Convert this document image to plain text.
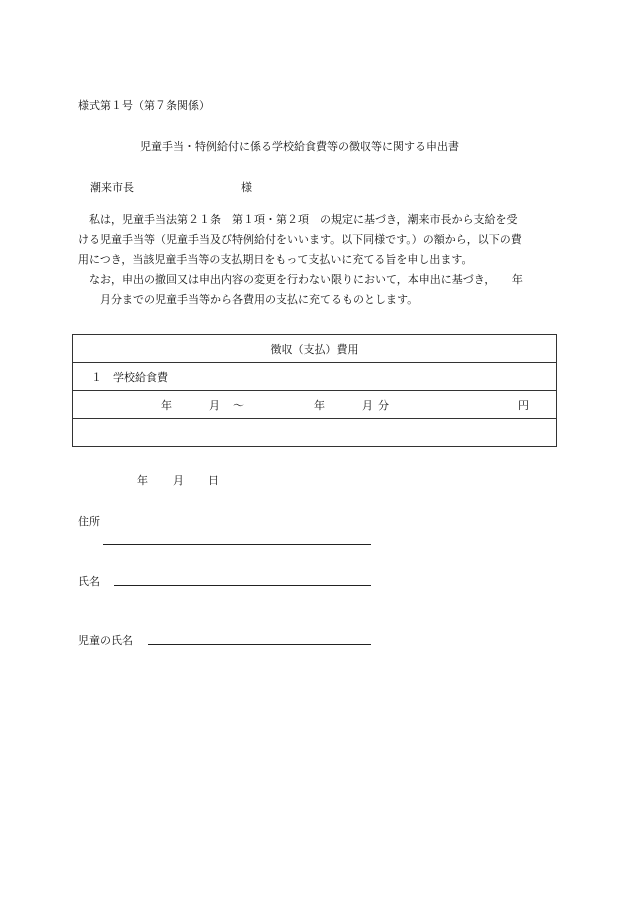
様式第１号（第７条関係）
児童手当・特例給付に係る学校給食費等の徴収等に関する申出書
潮来市長	様
　私は，児童手当法第２１条　第１項・第２項　の規定に基づき，潮来市長から支給を受
ける児童手当等（児童手当及び特例給付をいいます。以下同様です。）の額から，以下の費
用につき，当該児童手当等の支払期日をもって支払いに充てる旨を申し出ます。
　なお，申出の撤回又は申出内容の変更を行わない限りにおいて，本申出に基づき，　　年
　　月分までの児童手当等から各費用の支払に充てるものとします。
徴収（支払）費用
１　学校給食費

年	月 ～	年	月 分	円

年 月 日
住所
氏名
児童の氏名
